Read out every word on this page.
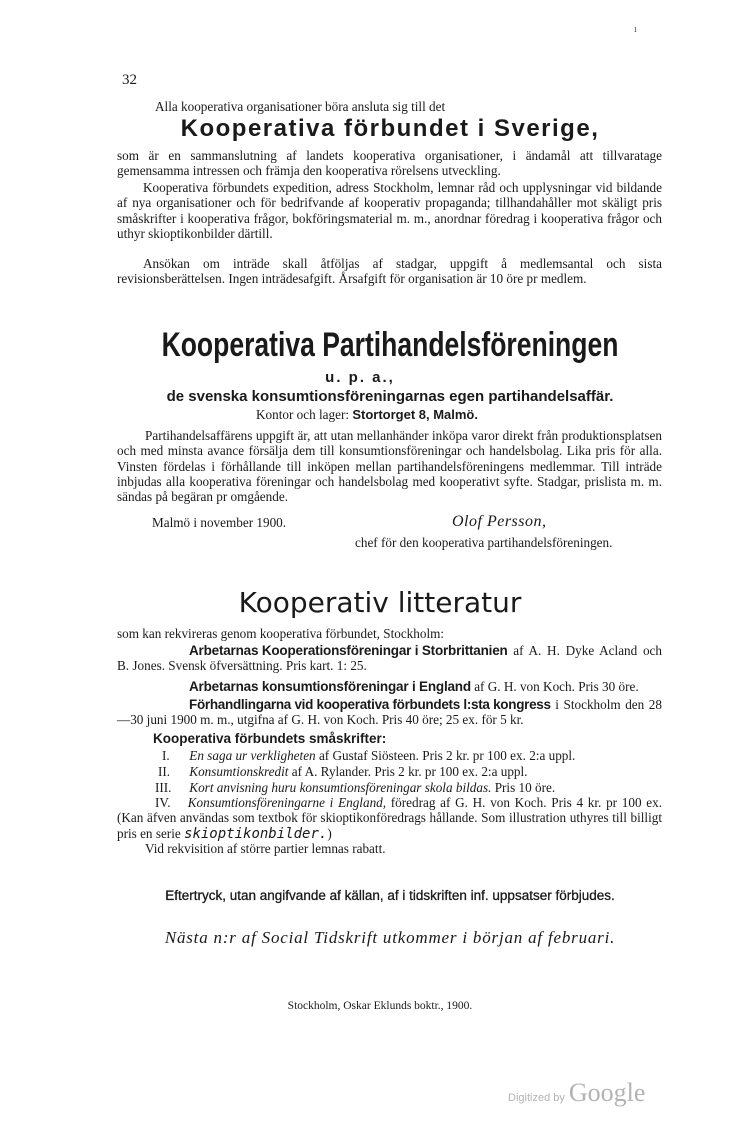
ı
32
Alla kooperativa organisationer böra ansluta sig till det
Kooperativa förbundet i Sverige,
som är en sammanslutning af landets kooperativa organisationer, i ändamål att tillvaratage gemensamma intressen och främja den kooperativa rörelsens utveckling.
Kooperativa förbundets expedition, adress Stockholm, lemnar råd och upplysningar vid bildande af nya organisationer och för bedrifvande af kooperativ propaganda; tillhandahåller mot skäligt pris småskrifter i kooperativa frågor, bokföringsmaterial m. m., anordnar föredrag i kooperativa frågor och uthyr skioptikonbilder därtill.
Ansökan om inträde skall åtföljas af stadgar, uppgift å medlemsantal och sista revisionsberättelsen. Ingen inträdesafgift. Årsafgift för organisation är 10 öre pr medlem.
Kooperativa Partihandelsföreningen
u. p. a.,
de svenska konsumtionsföreningarnas egen partihandelsaffär.
Kontor och lager: Stortorget 8, Malmö.
Partihandelsaffärens uppgift är, att utan mellanhänder inköpa varor direkt från produktionsplatsen och med minsta avance försälja dem till konsumtionsföreningar och handelsbolag. Lika pris för alla. Vinsten fördelas i förhållande till inköpen mellan partihandelsföreningens medlemmar. Till inträde inbjudas alla kooperativa föreningar och handelsbolag med kooperativt syfte. Stadgar, prislista m. m. sändas på begäran pr omgående.
Malmö i november 1900.	Olof Persson,
chef för den kooperativa partihandelsföreningen.
Kooperativ litteratur
som kan rekvireras genom kooperativa förbundet, Stockholm:
Arbetarnas Kooperationsföreningar i Storbrittanien af A. H. Dyke Acland och B. Jones. Svensk öfversättning. Pris kart. 1: 25.
Arbetarnas konsumtionsföreningar i England af G. H. von Koch. Pris 30 öre.
Förhandlingarna vid kooperativa förbundets l:sta kongress i Stockholm den 28—30 juni 1900 m. m., utgifna af G. H. von Koch. Pris 40 öre; 25 ex. för 5 kr.
Kooperativa förbundets småskrifter:
I. En saga ur verkligheten af Gustaf Siösteen. Pris 2 kr. pr 100 ex. 2:a uppl.
II. Konsumtionskredit af A. Rylander. Pris 2 kr. pr 100 ex. 2:a uppl.
III. Kort anvisning huru konsumtionsföreningar skola bildas. Pris 10 öre.
IV. Konsumtionsföreningarne i England, föredrag af G. H. von Koch. Pris 4 kr. pr 100 ex. (Kan äfven användas som textbok för skioptikonföredrags hållande. Som illustration uthyres till billigt pris en serie skioptikonbilder.)
Vid rekvisition af större partier lemnas rabatt.
Eftertryck, utan angifvande af källan, af i tidskriften inf. uppsatser förbjudes.
Nästa n:r af Social Tidskrift utkommer i början af februari.
Stockholm, Oskar Eklunds boktr., 1900.
Digitized by Google
